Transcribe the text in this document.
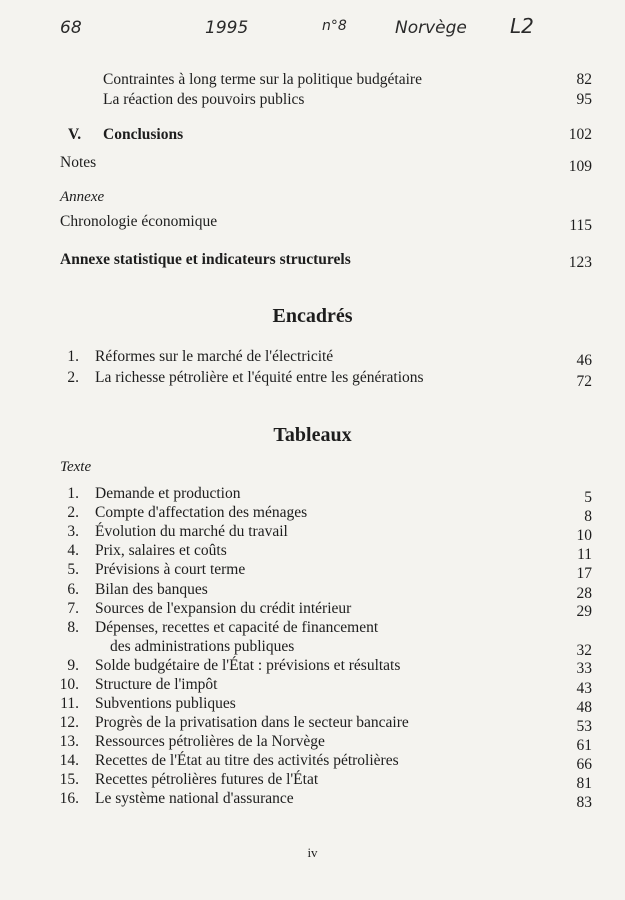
68	1995	n°8	Norvège L2
Contraintes à long terme sur la politique budgétaire	82
La réaction des pouvoirs publics	95
V. Conclusions	102
Notes	109
Annexe
Chronologie économique	115
Annexe statistique et indicateurs structurels	123
Encadrés
1. Réformes sur le marché de l'électricité	46
2. La richesse pétrolière et l'équité entre les générations	72
Tableaux
Texte
1. Demande et production	5
2. Compte d'affectation des ménages	8
3. Évolution du marché du travail	10
4. Prix, salaires et coûts	11
5. Prévisions à court terme	17
6. Bilan des banques	28
7. Sources de l'expansion du crédit intérieur	29
8. Dépenses, recettes et capacité de financement
des administrations publiques	32
9. Solde budgétaire de l'État : prévisions et résultats	33
10. Structure de l'impôt	43
11. Subventions publiques	48
12. Progrès de la privatisation dans le secteur bancaire	53
13. Ressources pétrolières de la Norvège	61
14. Recettes de l'État au titre des activités pétrolières	66
15. Recettes pétrolières futures de l'État	81
16. Le système national d'assurance	83
iv
